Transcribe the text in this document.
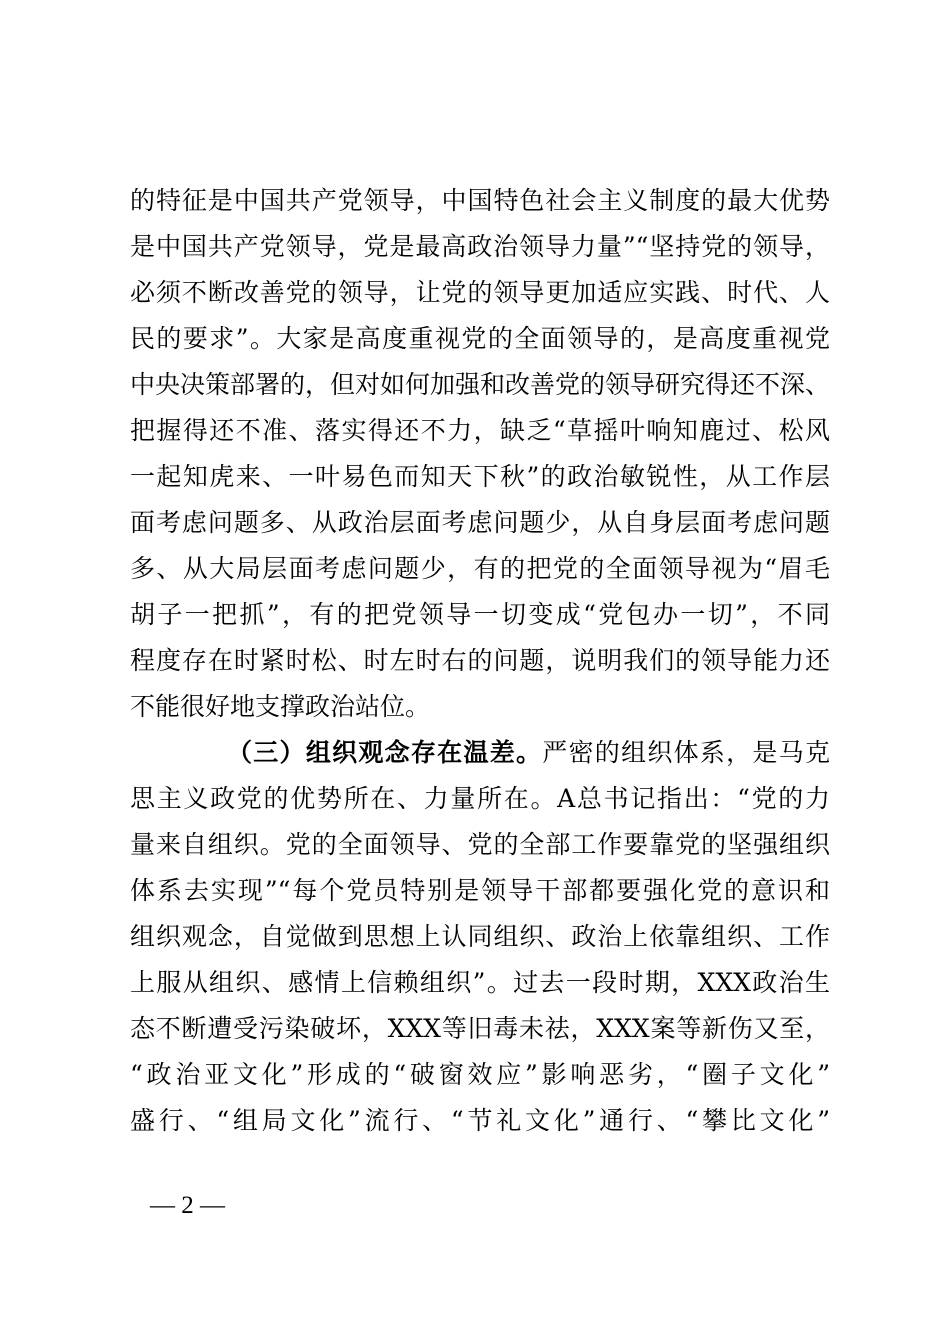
的特征是中国共产党领导，中国特色社会主义制度的最大优势
是中国共产党领导，党是最高政治领导力量”“坚持党的领导，
必须不断改善党的领导，让党的领导更加适应实践、时代、人
民的要求”。大家是高度重视党的全面领导的，是高度重视党
中央决策部署的，但对如何加强和改善党的领导研究得还不深、
把握得还不准、落实得还不力，缺乏“草摇叶响知鹿过、松风
一起知虎来、一叶易色而知天下秋”的政治敏锐性，从工作层
面考虑问题多、从政治层面考虑问题少，从自身层面考虑问题
多、从大局层面考虑问题少，有的把党的全面领导视为“眉毛
胡子一把抓”，有的把党领导一切变成“党包办一切”，不同
程度存在时紧时松、时左时右的问题，说明我们的领导能力还
不能很好地支撑政治站位。
（三）组织观念存在温差。严密的组织体系，是马克
思主义政党的优势所在、力量所在。A总书记指出：“党的力
量来自组织。党的全面领导、党的全部工作要靠党的坚强组织
体系去实现”“每个党员特别是领导干部都要强化党的意识和
组织观念，自觉做到思想上认同组织、政治上依靠组织、工作
上服从组织、感情上信赖组织”。过去一段时期，XXX政治生
态不断遭受污染破坏，XXX等旧毒未祛，XXX案等新伤又至，
“政治亚文化”形成的“破窗效应”影响恶劣，“圈子文化”
盛行、“组局文化”流行、“节礼文化”通行、“攀比文化”
— 2 —
